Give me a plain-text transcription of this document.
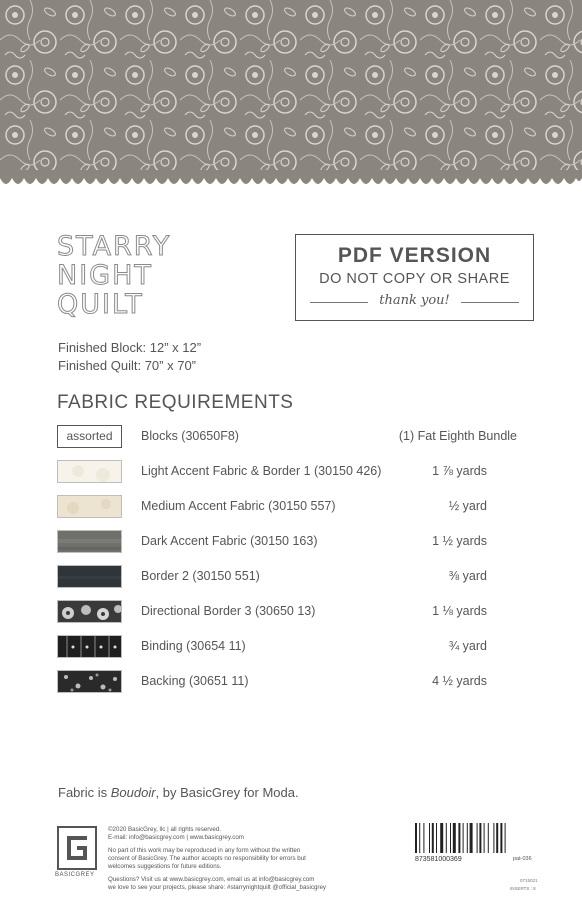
STARRY
NIGHT
QUILT
PDF VERSION
DO NOT COPY OR SHARE
thank you!
Finished Block: 12” x 12”
Finished Quilt: 70” x 70”
FABRIC REQUIREMENTS
assorted	Blocks (30650F8)	(1) Fat Eighth Bundle
Light Accent Fabric & Border 1 (30150 426)	1 ⅞ yards
Medium Accent Fabric (30150 557)	½ yard
Dark Accent Fabric (30150 163)	1 ½ yards
Border 2 (30150 551)	⅜ yard
Directional Border 3 (30650 13)	1 ⅛ yards
Binding (30654 11)	¾ yard
Backing (30651 11)	4 ½ yards
Fabric is Boudoir, by BasicGrey for Moda.
BASICGREY
©2020 BasicGrey, llc | all rights reserved.
E-mail: info@basicgrey.com | www.basicgrey.com
No part of this work may be reproduced in any form without the written
consent of BasicGrey. The author accepts no responsibility for errors but
welcomes suggestions for future editions.
Questions? Visit us at www.basicgrey.com, email us at info@basicgrey.com
we love to see your projects, please share: #starrynightquilt @official_basicgrey
873581000369	pat-036
0715021
INSERTS : 8
